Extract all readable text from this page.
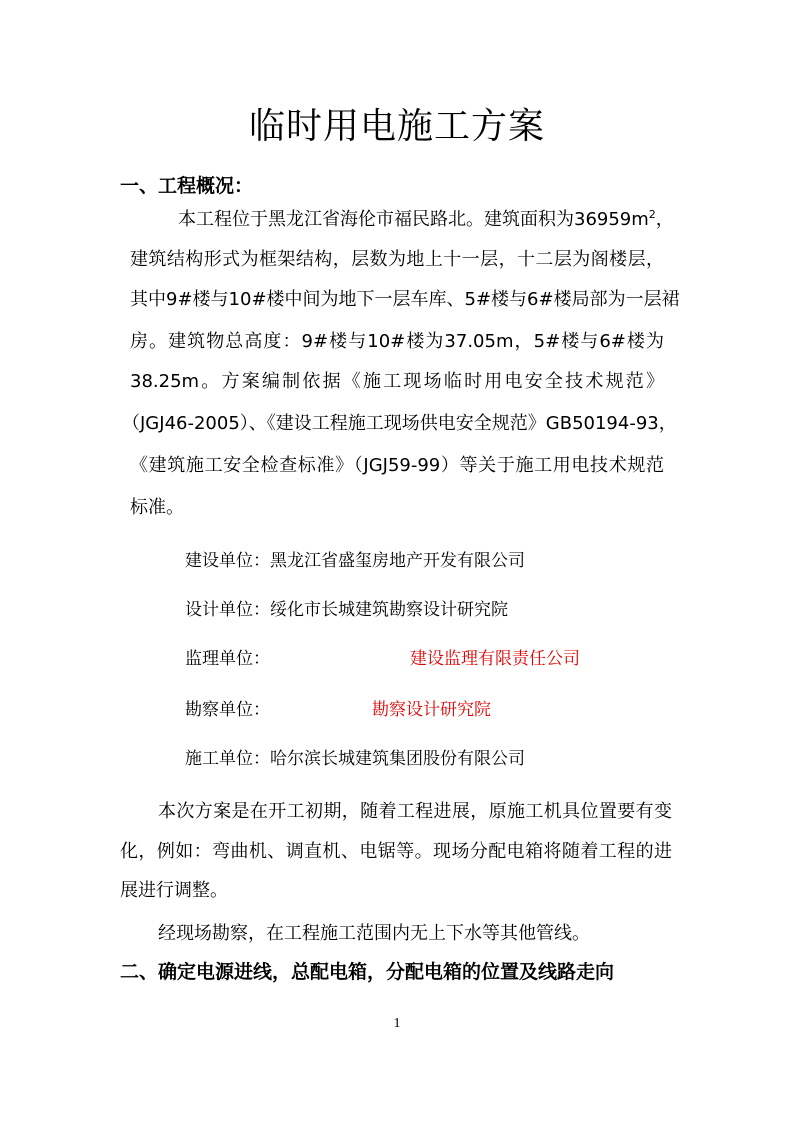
临时用电施工方案
一、工程概况：
本工程位于黑龙江省海伦市福民路北。建筑面积为$36959m^2$，
建筑结构形式为框架结构，层数为地上十一层，十二层为阁楼层，
其中9#楼与10#楼中间为地下一层车库、5#楼与6#楼局部为一层裙
房。建筑物总高度：9#楼与10#楼为37.05m，5#楼与6#楼为
38.25m。方案编制依据《施工现场临时用电安全技术规范》
（JGJ46-2005）、《建设工程施工现场供电安全规范》GB50194-93，
《建筑施工安全检查标准》（JGJ59-99）等关于施工用电技术规范
标准。
建设单位：黑龙江省盛玺房地产开发有限公司
设计单位：绥化市长城建筑勘察设计研究院
监理单位：	建设监理有限责任公司
勘察单位：	勘察设计研究院
施工单位：哈尔滨长城建筑集团股份有限公司
本次方案是在开工初期，随着工程进展，原施工机具位置要有变
化，例如：弯曲机、调直机、电锯等。现场分配电箱将随着工程的进
展进行调整。
经现场勘察，在工程施工范围内无上下水等其他管线。
二、确定电源进线，总配电箱，分配电箱的位置及线路走向
1
